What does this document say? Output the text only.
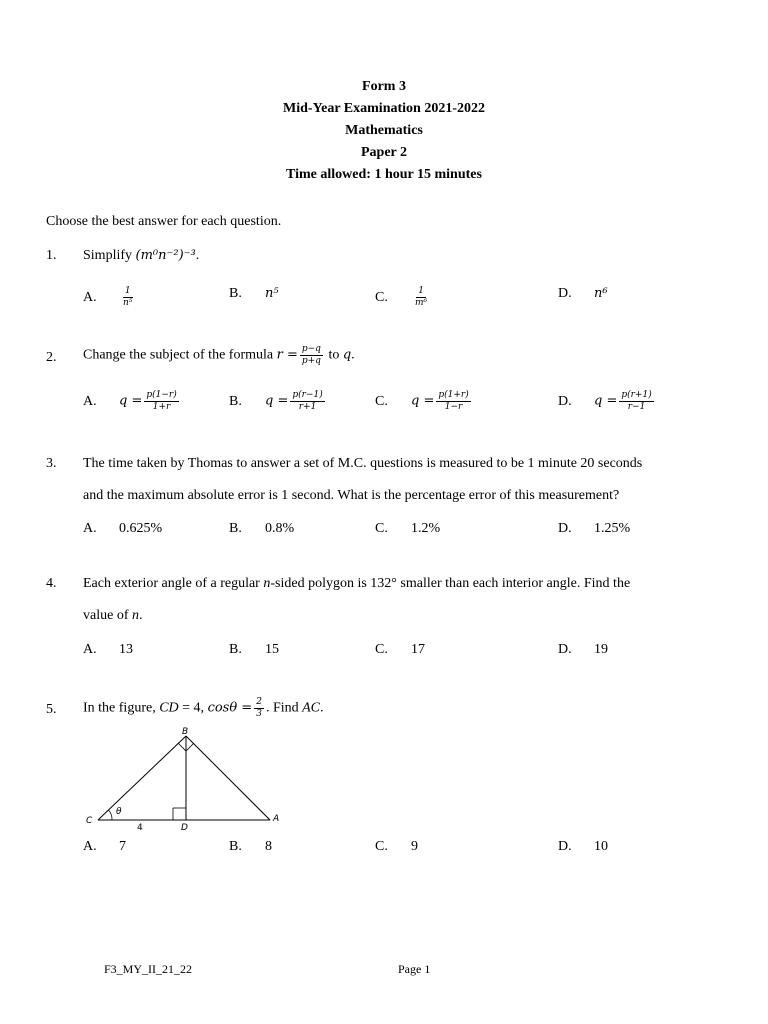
Form 3
Mid-Year Examination 2021-2022
Mathematics
Paper 2
Time allowed: 1 hour 15 minutes
Choose the best answer for each question.
1. Simplify (m⁰n⁻²)⁻³.
A.	$\frac{1}{\text{n⁵}}$	B. n⁵	C.	$\frac{1}{\text{m⁶}}$	D. n⁶
2. Change the subject of the formula $r = \frac{p-q}{p+q}$ to q.
A. $q = \frac{p(1-r)}{1+r}$	B. $q = \frac{p(r-1)}{r+1}$	C. $q = \frac{p(1+r)}{1-r}$	D. $q = \frac{p(r+1)}{r-1}$
3. The time taken by Thomas to answer a set of M.C. questions is measured to be 1 minute 20 seconds
and the maximum absolute error is 1 second. What is the percentage error of this measurement?
A. 0.625%	B. 0.8%	C. 1.2%	D. 1.25%
4. Each exterior angle of a regular n-sided polygon is 132° smaller than each interior angle. Find the
value of n.
A. 13	B. 15	C. 17	D. 19
5. In the figure, CD = 4, $\cos\theta = \frac{2}{3}$ . Find AC.
B
C
D
A
θ
4
A. 7	B. 8	C. 9	D. 10
F3_MY_II_21_22	Page 1
